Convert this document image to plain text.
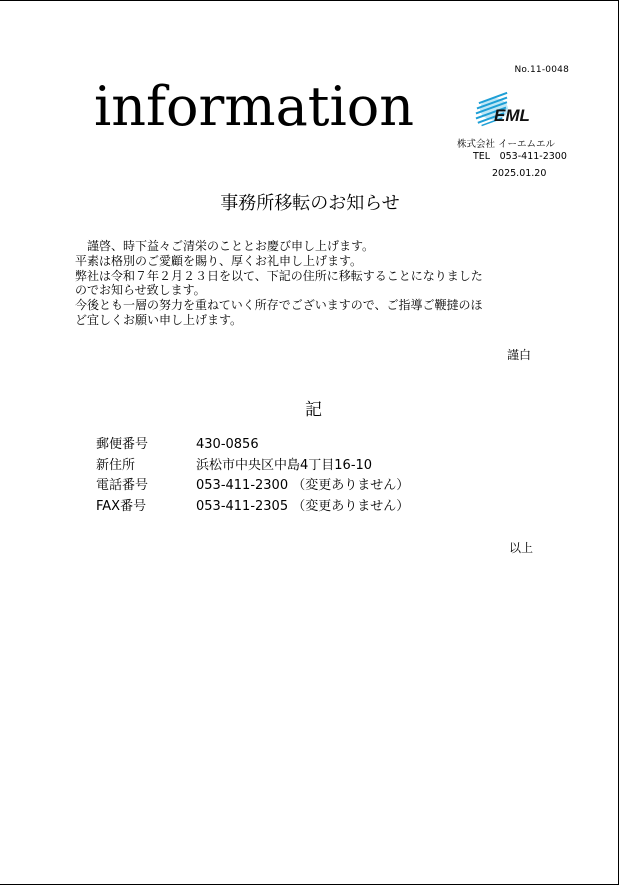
No.11-0048
information	EML
株式会社 イーエムエル
TEL　053-411-2300
2025.01.20
事務所移転のお知らせ

　謹啓、時下益々ご清栄のこととお慶び申し上げます。

平素は格別のご愛顧を賜り、厚くお礼申し上げます。

弊社は令和７年２月２３日を以て、下記の住所に移転することになりました

のでお知らせ致します。

今後とも一層の努力を重ねていく所存でございますので、ご指導ご鞭撻のほ

ど宜しくお願い申し上げます。

謹白
記
郵便番号	430-0856
新住所	浜松市中央区中島4丁目16-10
電話番号	053-411-2300 （変更ありません）
FAX番号	053-411-2305 （変更ありません）
以上
